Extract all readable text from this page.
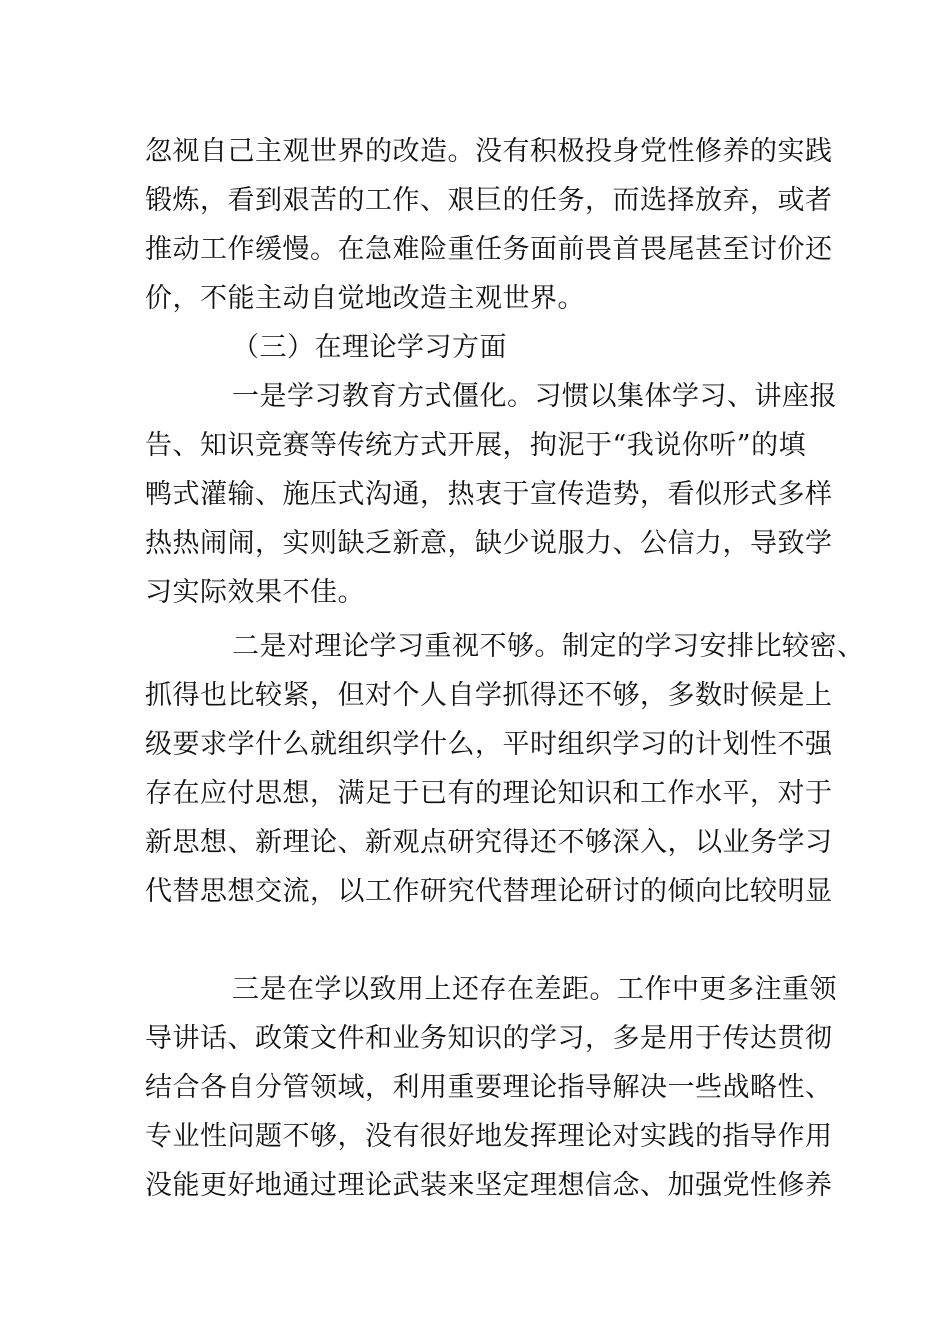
忽视自己主观世界的改造。没有积极投身党性修养的实践
锻炼，看到艰苦的工作、艰巨的任务，而选择放弃，或者
推动工作缓慢。在急难险重任务面前畏首畏尾甚至讨价还
价，不能主动自觉地改造主观世界。
（三）在理论学习方面
一是学习教育方式僵化。习惯以集体学习、讲座报
告、知识竞赛等传统方式开展，拘泥于“我说你听”的填
鸭式灌输、施压式沟通，热衷于宣传造势，看似形式多样
热热闹闹，实则缺乏新意，缺少说服力、公信力，导致学
习实际效果不佳。
二是对理论学习重视不够。制定的学习安排比较密、
抓得也比较紧，但对个人自学抓得还不够，多数时候是上
级要求学什么就组织学什么，平时组织学习的计划性不强
存在应付思想，满足于已有的理论知识和工作水平，对于
新思想、新理论、新观点研究得还不够深入，以业务学习
代替思想交流，以工作研究代替理论研讨的倾向比较明显
三是在学以致用上还存在差距。工作中更多注重领
导讲话、政策文件和业务知识的学习，多是用于传达贯彻
结合各自分管领域，利用重要理论指导解决一些战略性、
专业性问题不够，没有很好地发挥理论对实践的指导作用
没能更好地通过理论武装来坚定理想信念、加强党性修养
